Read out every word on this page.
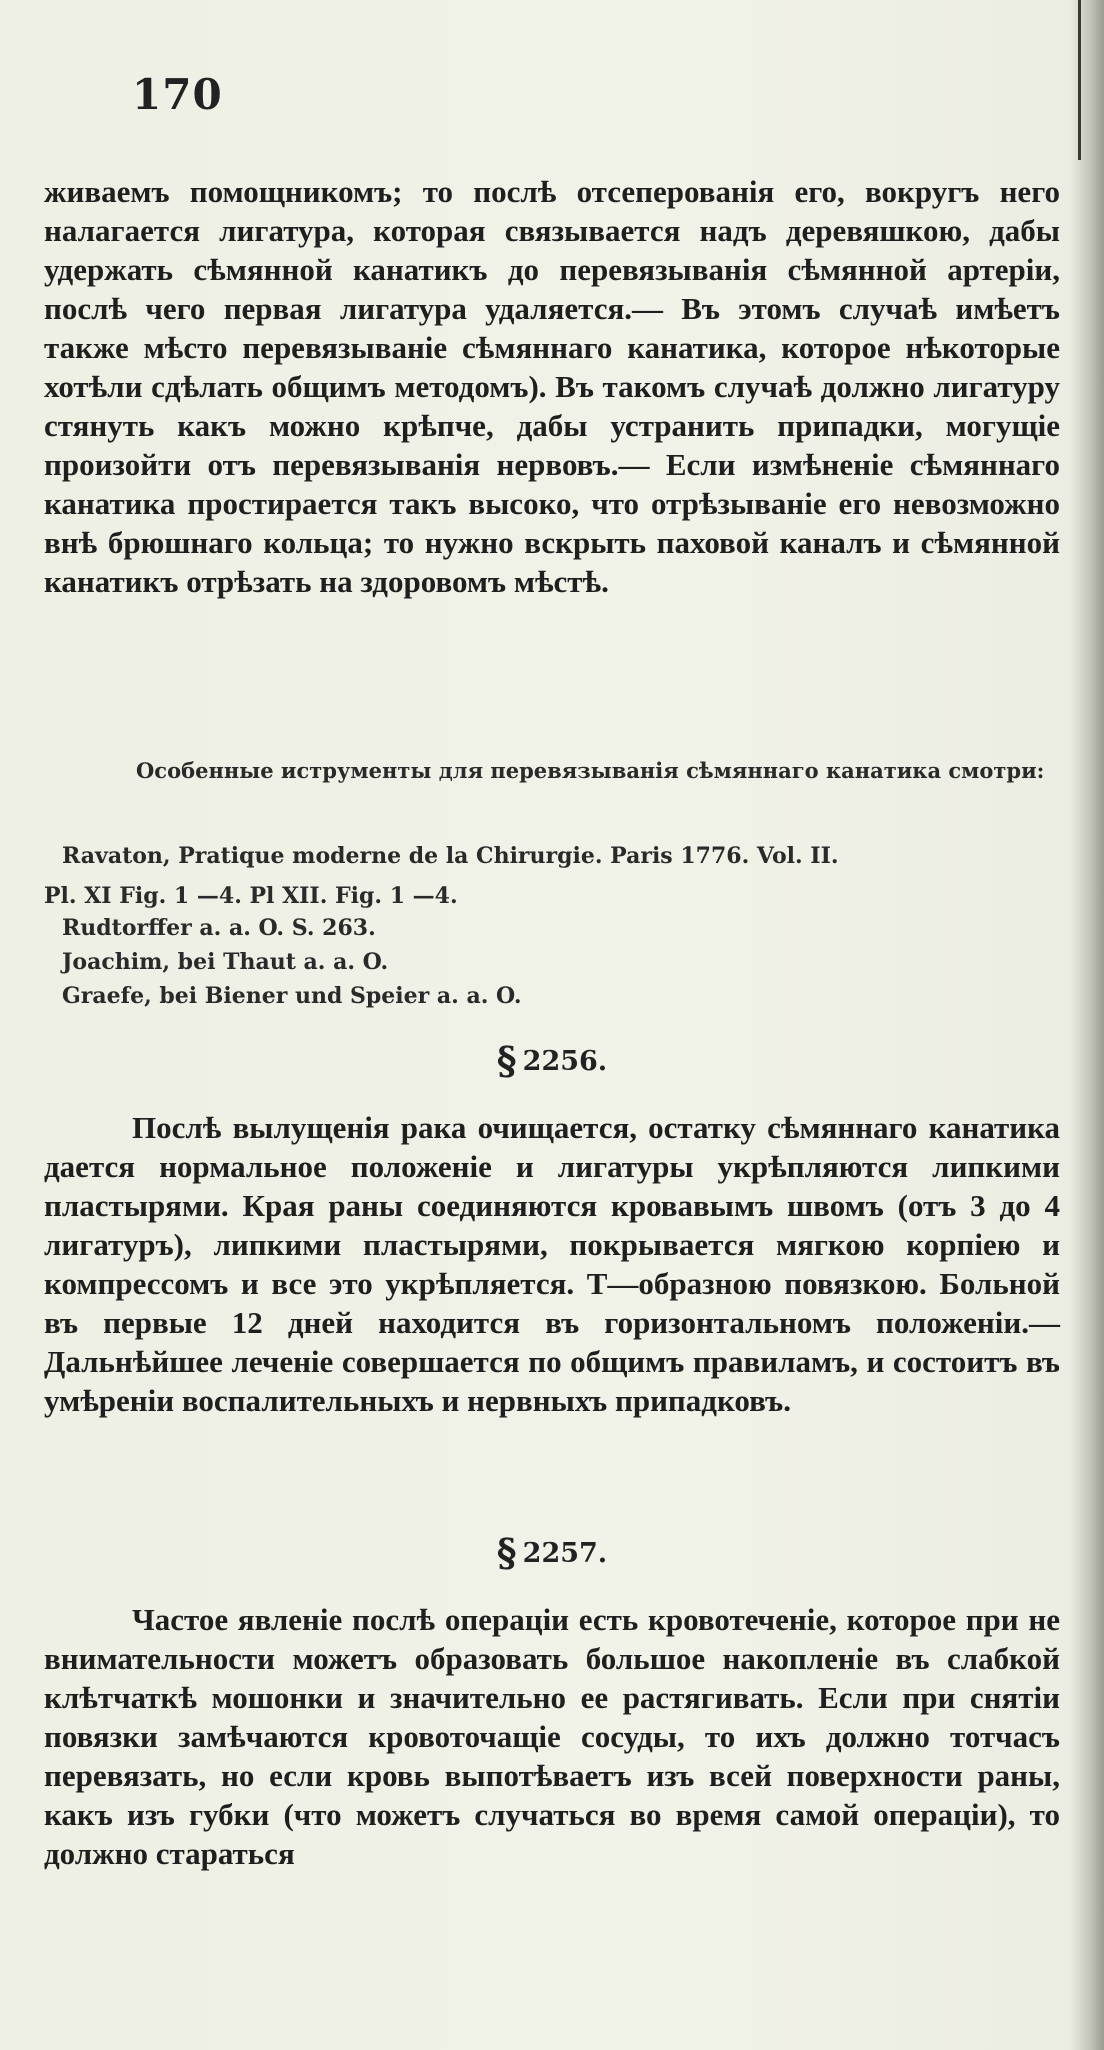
170
живаемъ помощникомъ; то послѣ отсеперованія его, вокругъ него налагается лигатура, которая связывается надъ деревяшкою, дабы удержать сѣмянной канатикъ до перевязыванія сѣмянной артеріи, послѣ чего первая лигатура удаляется.— Въ этомъ случаѣ имѣетъ также мѣсто перевязываніе сѣмяннаго канатика, которое нѣкоторые хотѣли сдѣлать общимъ методомъ). Въ такомъ случаѣ должно лигатуру стянуть какъ можно крѣпче, дабы устранить припадки, могущіе произойти отъ перевязыванія нервовъ.— Если измѣненіе сѣмяннаго канатика простирается такъ высоко, что отрѣзываніе его невозможно внѣ брюшнаго кольца; то нужно вскрыть паховой каналъ и сѣмянной канатикъ отрѣзать на здоровомъ мѣстѣ.
Особенные иструменты для перевязыванія сѣмяннаго канатика смотри:
Ravaton, Pratique moderne de la Chirurgie. Paris 1776. Vol. II.
Pl. XI Fig. 1 —4. Pl XII. Fig. 1 —4.
Rudtorffer a. a. O. S. 263.
Joachim, bei Thaut a. a. O.
Graefe, bei Biener und Speier a. a. O.
§ 2256.
Послѣ вылущенія рака очищается, остатку сѣмяннаго канатика дается нормальное положеніе и лигатуры укрѣпляются липкими пластырями. Края раны соединяются кровавымъ швомъ (отъ 3 до 4 лигатуръ), липкими пластырями, покрывается мягкою корпіею и компрессомъ и все это укрѣпляется. Т—образною повязкою. Больной въ первые 12 дней находится въ горизонтальномъ положеніи.— Дальнѣйшее леченіе совершается по общимъ правиламъ, и состоитъ въ умѣреніи воспалительныхъ и нервныхъ припадковъ.
§ 2257.
Частое явленіе послѣ операціи есть кровотеченіе, которое при не внимательности можетъ образовать большое накопленіе въ слабкой клѣтчаткѣ мошонки и значительно ее растягивать. Если при снятіи повязки замѣчаются кровоточащіе сосуды, то ихъ должно тотчасъ перевязать, но если кровь выпотѣваетъ изъ всей поверхности раны, какъ изъ губки (что можетъ случаться во время самой операціи), то должно стараться
